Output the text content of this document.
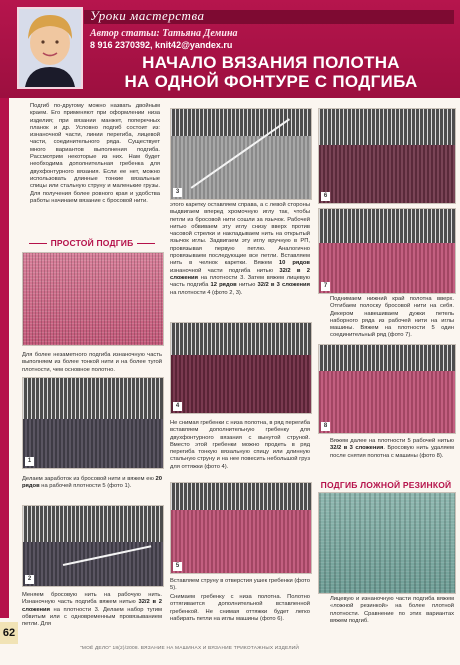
Уроки мастерства
Автор статьи: Татьяна Демина
8 916 2370392, knit42@yandex.ru
НАЧАЛО ВЯЗАНИЯ ПОЛОТНА
НА ОДНОЙ ФОНТУРЕ С ПОДГИБА

Подгиб по-другому можно назвать двойным краем. Его применяют при оформлении низа изделия; при вязании манжет, поперечных планок и др. Условно подгиб состоит из: изнаночной части, линии перегиба, лицевой части, соединительного ряда. Существует много вариантов выполнения подгиба. Рассмотрим некоторые из них. Нам будет необходима дополнительная гребенка для двухфонтурного вязания. Если ее нет, можно использовать длинные тонкие вязальные спицы или стальную струну и маленькие грузы. Для получения более ровного края и удобства работы начинаем вязание с бросовой нити.

ПРОСТОЙ ПОДГИБ

Для более незаметного подгиба изнаночную часть выполняем из более тонкой нити и на более тугой плотности, чем основное полотно.

1

Делаем заработок из бросовой нити и вяжем ею 20 рядов на рабочей плотности 5 (фото 1).

2

Меняем бросовую нить на рабочую нить. Изнаночную часть подгиба вяжем нитью 32/2 в 2 сложения на плотности 3. Делаем набор тугим обвитым или с одновременным провязыванием петли. Для

3

этого каретку оставляем справа, а с левой стороны выдвигаем вперед хромочную иглу так, чтобы петли из бросовой нити сошли за язычок. Рабочей нитью обвиваем эту иглу снизу вверх против часовой стрелки и накладываем нить на открытый язычок иглы. Задвигаем эту иглу вручную в РП, провязывая первую петлю. Аналогично провязываем последующие все петли. Вставляем нить в челнок каретки. Вяжем 10 рядов изнаночной части подгиба нитью 32/2 в 2 сложения на плотности 3. Затем вяжем лицевую часть подгиба 12 рядов нитью 32/2 в 3 сложения на плотности 4 (фото 2, 3).

4

Не снимая гребенки с низа полотна, в ряд перегиба вставляем дополнительную гребенку для двухфонтурного вязания с вынутой струной. Вместо этой гребенки можно продеть в ряд перегиба тонкую вязальную спицу или длинную стальную струну и на нее повесить небольшой груз для оттяжки (фото 4).

5

Вставляем струну в отверстия ушек гребенки (фото 5).

Снимаем гребенку с низа полотна. Полотно оттягивается дополнительной вставленной гребенкой. Не снимая оттяжки будет легко набирать петли на иглы машины (фото 6).

6
7

Поднимаем нижний край полотна вверх. Отгибаем полоску бросовой нити на себя. Декером навешиваем дужки петель наборного ряда из рабочей нити на иглы машины. Вяжем на плотности 5 один соединительный ряд (фото 7).

8

Вяжем далее на плотности 5 рабочей нитью 32/2 в 3 сложения. Бросовую нить удаляем после снятия полотна с машины (фото 8).

ПОДГИБ ЛОЖНОЙ РЕЗИНКОЙ

Лицевую и изнаночную части подгиба вяжем «ложной резинкой» на более плотной плотности. Сравнение по этих вариантах вяжем подгиб.

62
"МОЁ ДЕЛО" 18(2)/2008. ВЯЗАНИЕ НА МАШИНАХ И ВЯЗАНИЕ ТРИКОТАЖНЫХ ИЗДЕЛИЙ
